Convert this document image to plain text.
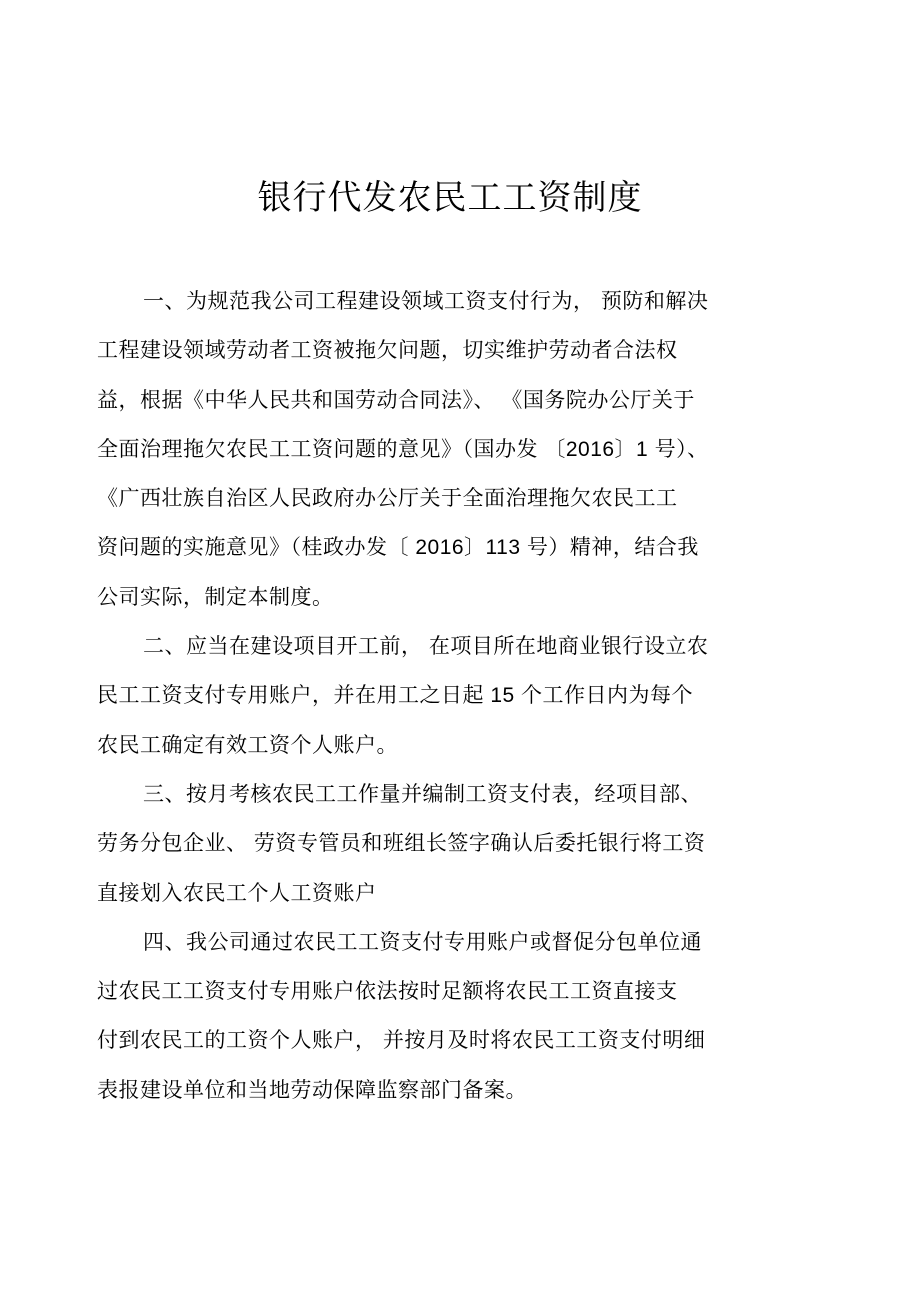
银行代发农民工工资制度

一、为规范我公司工程建设领域工资支付行为， 预防和解决
工程建设领域劳动者工资被拖欠问题，切实维护劳动者合法权
益，根据《中华人民共和国劳动合同法》、 《国务院办公厅关于
全面治理拖欠农民工工资问题的意见》（国办发 〔2016〕1 号）、
《广西壮族自治区人民政府办公厅关于全面治理拖欠农民工工
资问题的实施意见》（桂政办发〔 2016〕113 号）精神，结合我
公司实际，制定本制度。

二、应当在建设项目开工前， 在项目所在地商业银行设立农
民工工资支付专用账户，并在用工之日起 15 个工作日内为每个
农民工确定有效工资个人账户。

三、按月考核农民工工作量并编制工资支付表，经项目部、
劳务分包企业、 劳资专管员和班组长签字确认后委托银行将工资
直接划入农民工个人工资账户

四、我公司通过农民工工资支付专用账户或督促分包单位通
过农民工工资支付专用账户依法按时足额将农民工工资直接支
付到农民工的工资个人账户， 并按月及时将农民工工资支付明细
表报建设单位和当地劳动保障监察部门备案。
